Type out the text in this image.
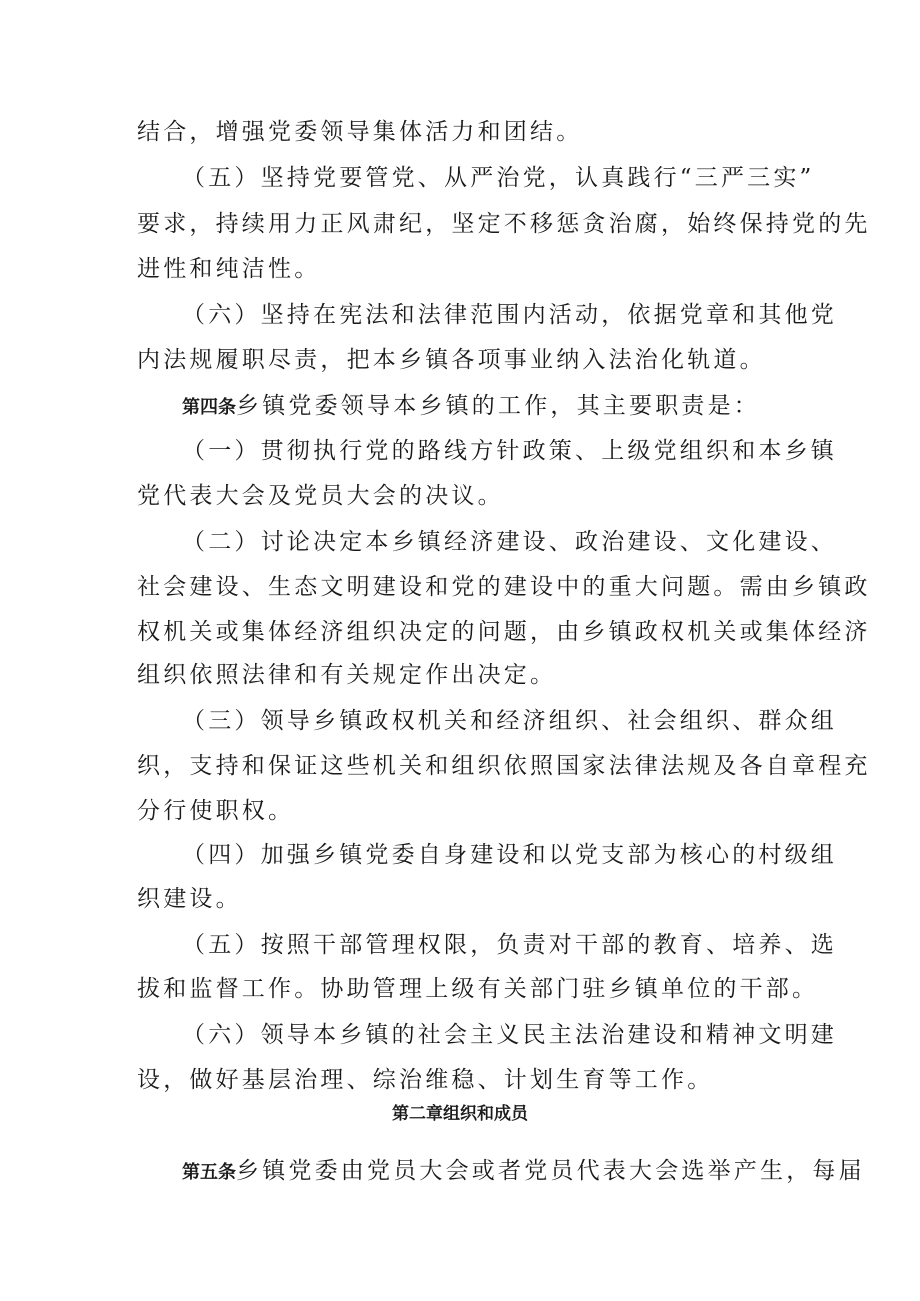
结合，增强党委领导集体活力和团结。
（五）坚持党要管党、从严治党，认真践行“三严三实”
要求，持续用力正风肃纪，坚定不移惩贪治腐，始终保持党的先
进性和纯洁性。
（六）坚持在宪法和法律范围内活动，依据党章和其他党
内法规履职尽责，把本乡镇各项事业纳入法治化轨道。
第四条乡镇党委领导本乡镇的工作，其主要职责是：
（一）贯彻执行党的路线方针政策、上级党组织和本乡镇
党代表大会及党员大会的决议。
（二）讨论决定本乡镇经济建设、政治建设、文化建设、
社会建设、生态文明建设和党的建设中的重大问题。需由乡镇政
权机关或集体经济组织决定的问题，由乡镇政权机关或集体经济
组织依照法律和有关规定作出决定。
（三）领导乡镇政权机关和经济组织、社会组织、群众组
织，支持和保证这些机关和组织依照国家法律法规及各自章程充
分行使职权。
（四）加强乡镇党委自身建设和以党支部为核心的村级组
织建设。
（五）按照干部管理权限，负责对干部的教育、培养、选
拔和监督工作。协助管理上级有关部门驻乡镇单位的干部。
（六）领导本乡镇的社会主义民主法治建设和精神文明建
设，做好基层治理、综治维稳、计划生育等工作。
第二章组织和成员
第五条乡镇党委由党员大会或者党员代表大会选举产生，每届
